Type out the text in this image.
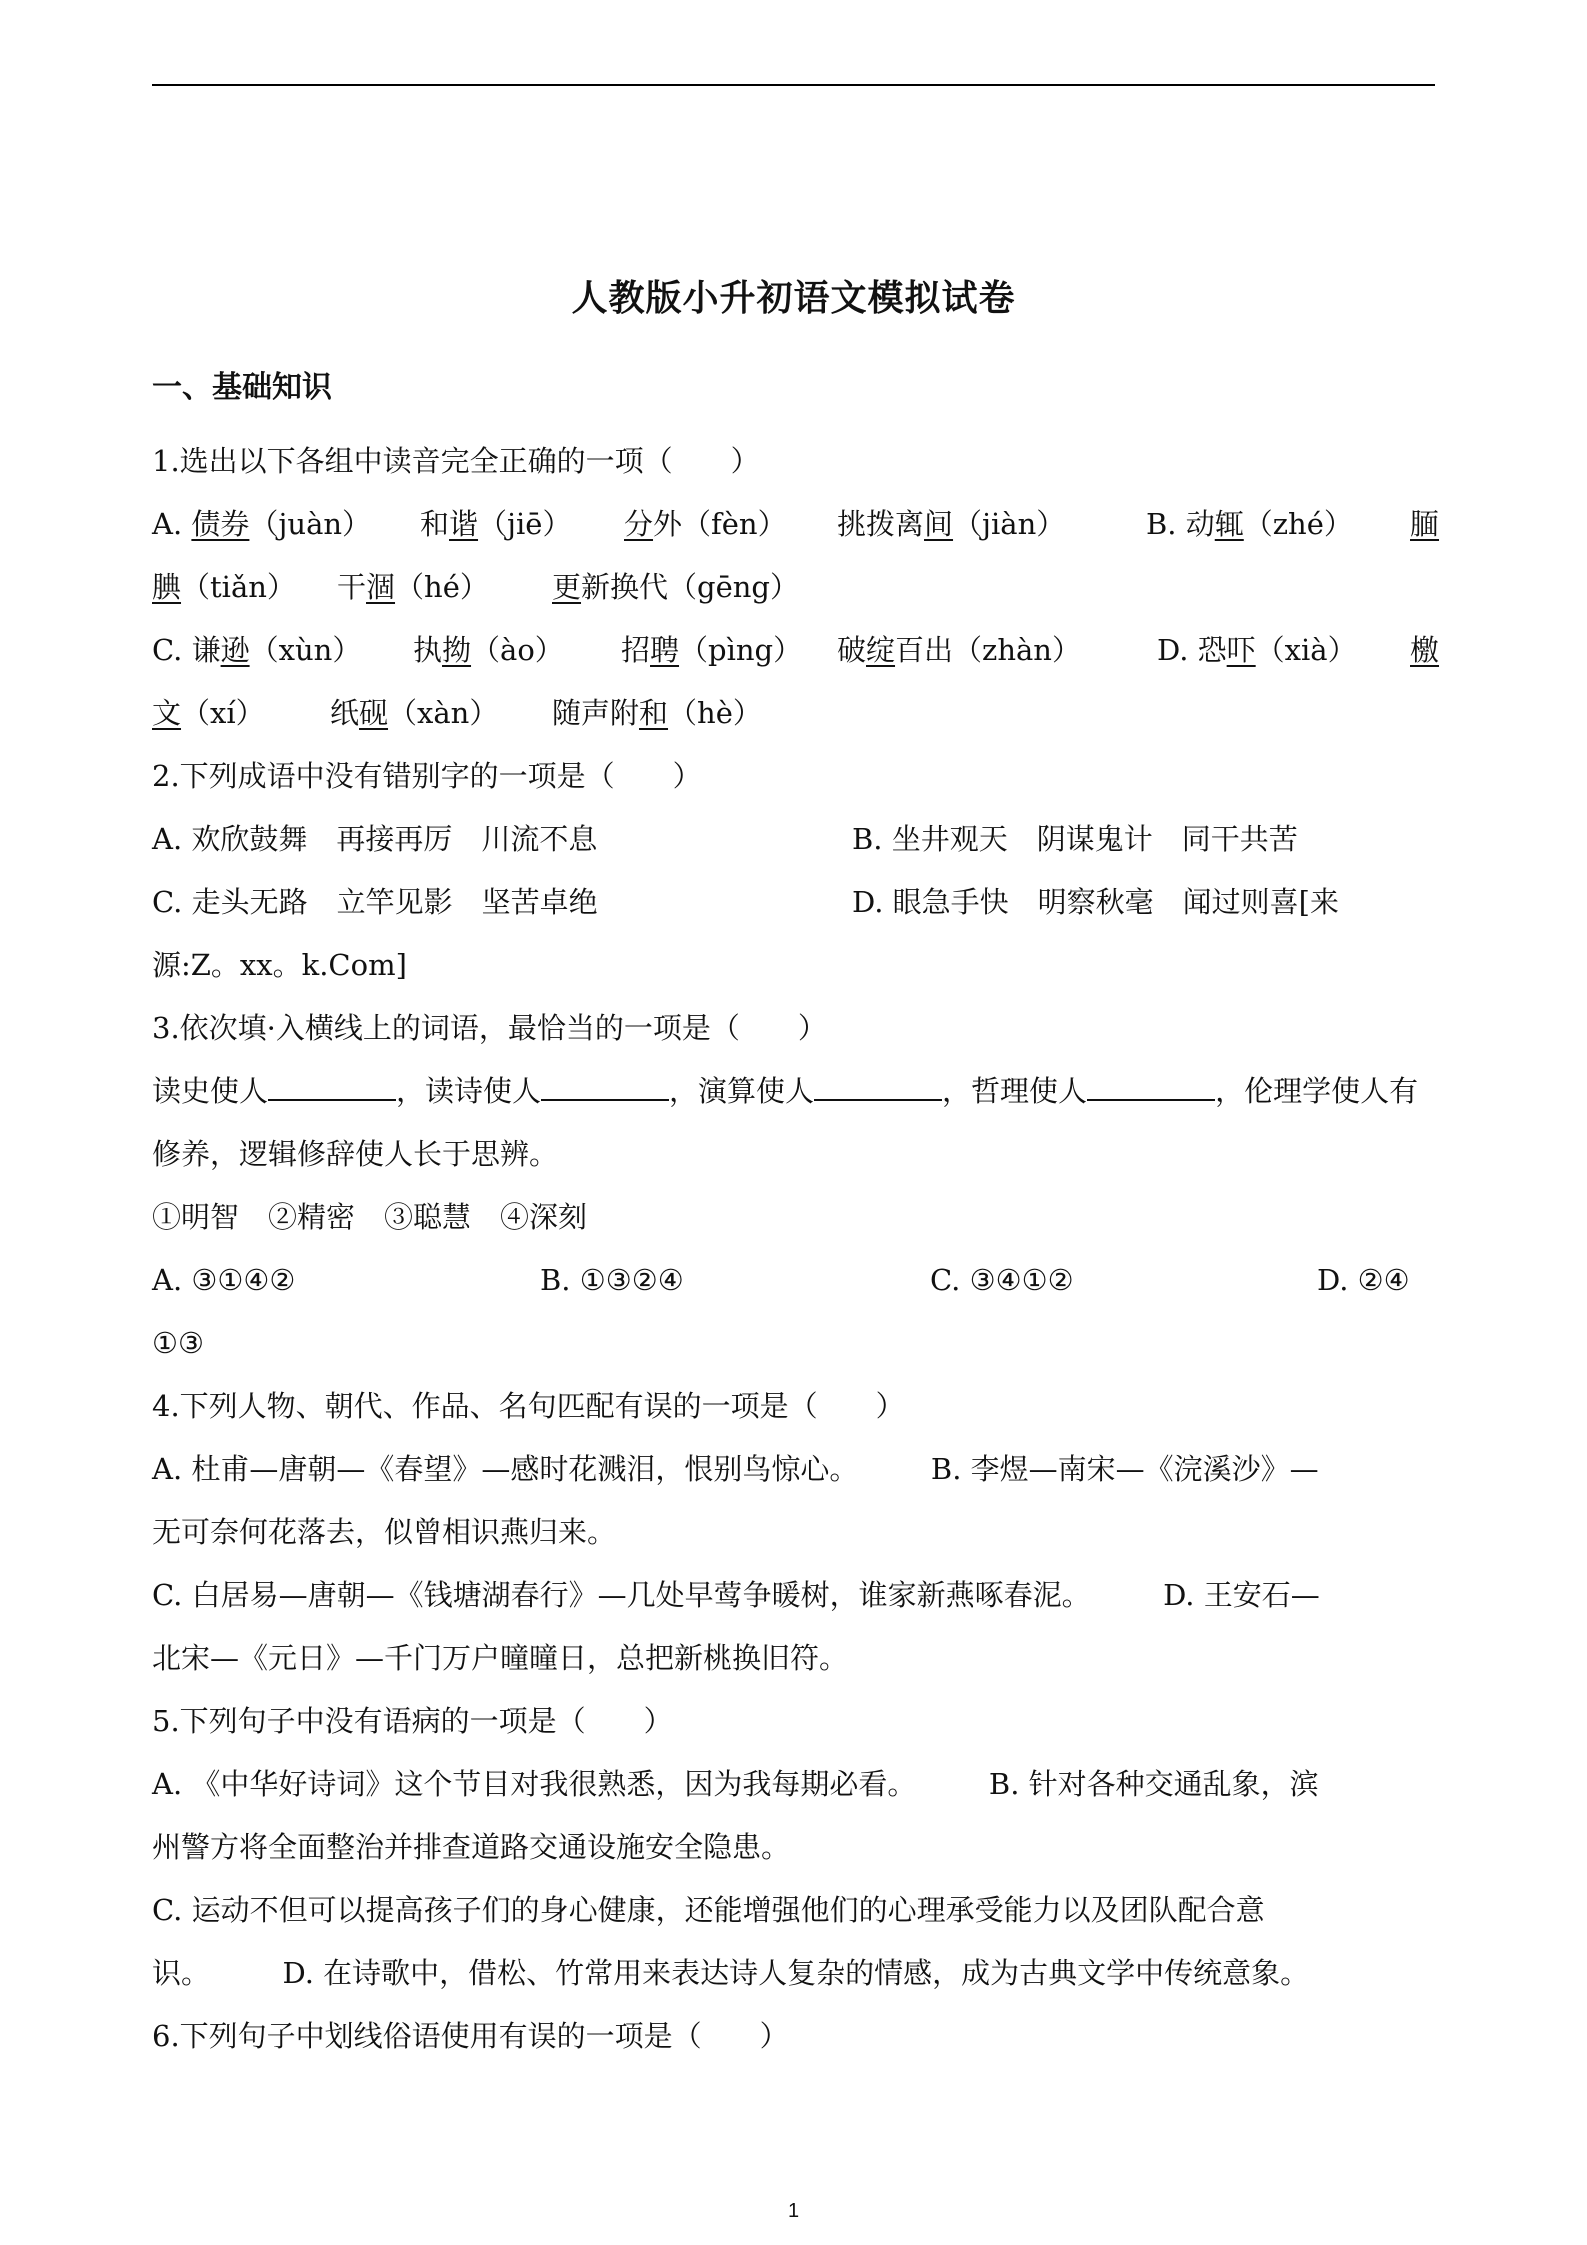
人教版小升初语文模拟试卷
一、基础知识
1.选出以下各组中读音完全正确的一项（　　）
A. 债券（juàn） 和谐（jiē） 分外（fèn） 挑拨离间（jiàn）	B. 动辄（zhé） 腼
腆（tiǎn） 干涸（hé） 更新换代（gēng）
C. 谦逊（xùn） 执拗（ào） 招聘（pìng） 破绽百出（zhàn）	D. 恐吓（xià） 檄
文（xí） 纸砚（xàn） 随声附和（hè）
2.下列成语中没有错别字的一项是（　　）
A. 欢欣鼓舞　再接再厉　川流不息	B. 坐井观天　阴谋鬼计　同干共苦
C. 走头无路　立竿见影　坚苦卓绝	D. 眼急手快　明察秋毫　闻过则喜[来
源:Z。xx。k.Com]
3.依次填·入横线上的词语，最恰当的一项是（　　）
读史使人	，读诗使人	，演算使人	，哲理使人	，伦理学使人有
修养，逻辑修辞使人长于思辨。
①明智　②精密　③聪慧　④深刻
A. ③①④②	B. ①③②④	C. ③④①②	D. ②④
①③
4.下列人物、朝代、作品、名句匹配有误的一项是（　　）
A. 杜甫—唐朝—《春望》—感时花溅泪，恨别鸟惊心。　　　B. 李煜—南宋—《浣溪沙》—
无可奈何花落去，似曾相识燕归来。
C. 白居易—唐朝—《钱塘湖春行》—几处早莺争暖树，谁家新燕啄春泥。　　　D. 王安石—
北宋—《元日》—千门万户曈曈日，总把新桃换旧符。
5.下列句子中没有语病的一项是（　　）
A. 《中华好诗词》这个节目对我很熟悉，因为我每期必看。　　　B. 针对各种交通乱象，滨
州警方将全面整治并排查道路交通设施安全隐患。
C. 运动不但可以提高孩子们的身心健康，还能增强他们的心理承受能力以及团队配合意
识。　　　D. 在诗歌中，借松、竹常用来表达诗人复杂的情感，成为古典文学中传统意象。
6.下列句子中划线俗语使用有误的一项是（　　）
1
